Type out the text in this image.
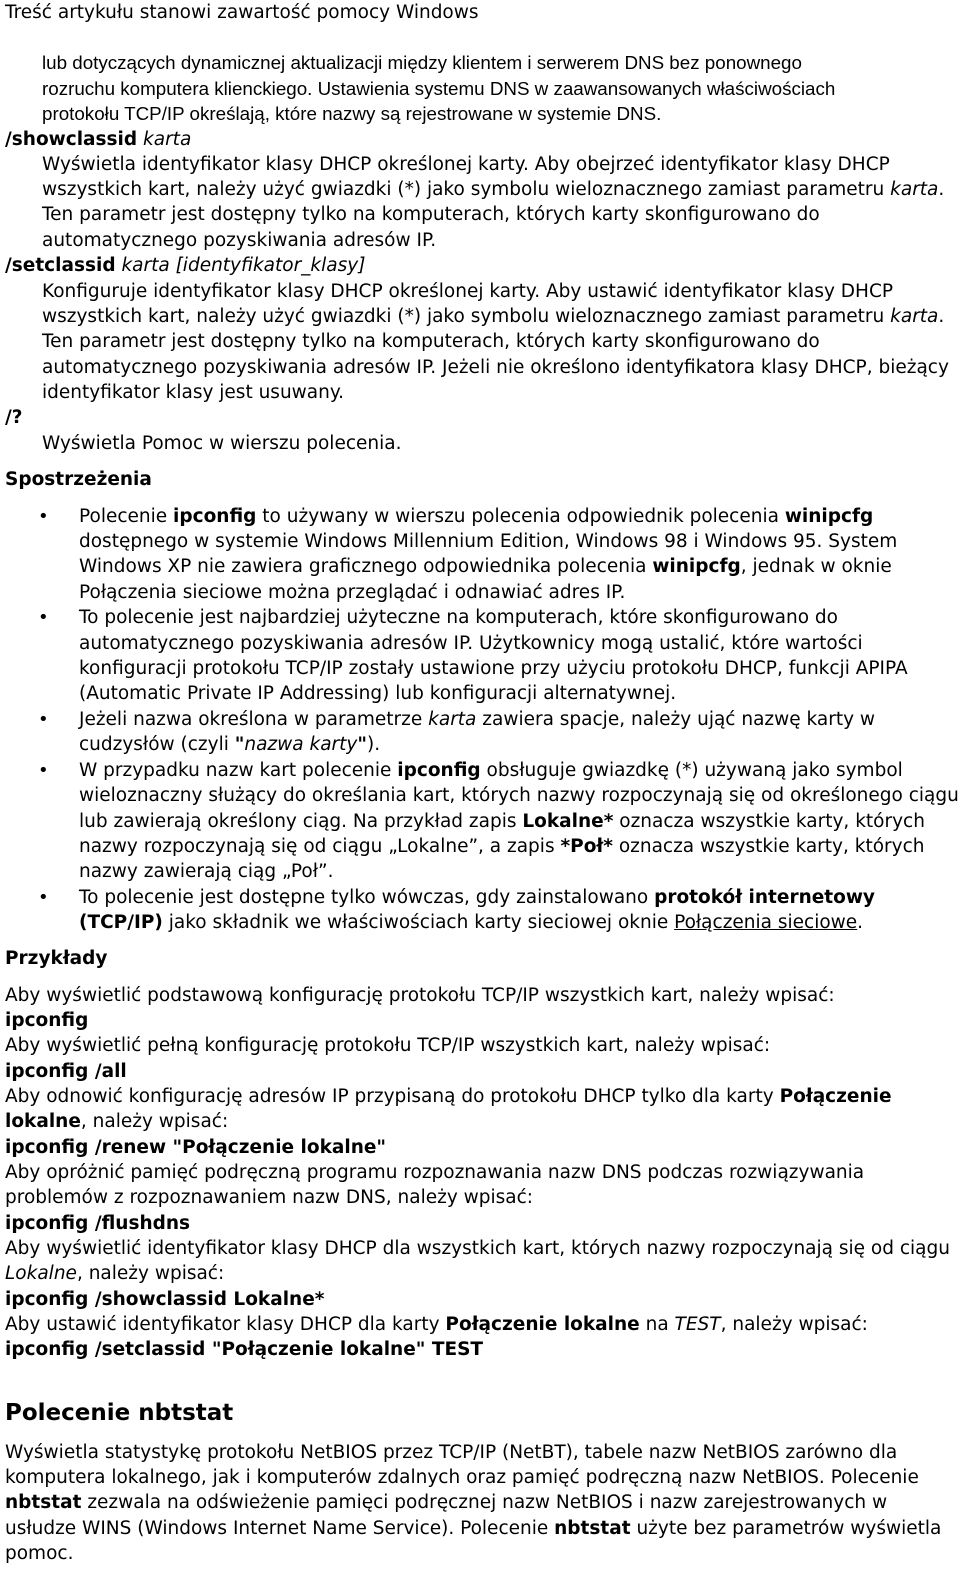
Treść artykułu stanowi zawartość pomocy Windows
lub dotyczących dynamicznej aktualizacji między klientem i serwerem DNS bez ponownego
rozruchu komputera klienckiego. Ustawienia systemu DNS w zaawansowanych właściwościach
protokołu TCP/IP określają, które nazwy są rejestrowane w systemie DNS.
/showclassid karta
Wyświetla identyfikator klasy DHCP określonej karty. Aby obejrzeć identyfikator klasy DHCP
wszystkich kart, należy użyć gwiazdki (*) jako symbolu wieloznacznego zamiast parametru karta.
Ten parametr jest dostępny tylko na komputerach, których karty skonfigurowano do
automatycznego pozyskiwania adresów IP.
/setclassid karta [identyfikator_klasy]
Konfiguruje identyfikator klasy DHCP określonej karty. Aby ustawić identyfikator klasy DHCP
wszystkich kart, należy użyć gwiazdki (*) jako symbolu wieloznacznego zamiast parametru karta.
Ten parametr jest dostępny tylko na komputerach, których karty skonfigurowano do
automatycznego pozyskiwania adresów IP. Jeżeli nie określono identyfikatora klasy DHCP, bieżący
identyfikator klasy jest usuwany.
/?
Wyświetla Pomoc w wierszu polecenia.
Spostrzeżenia
• Polecenie ipconfig to używany w wierszu polecenia odpowiednik polecenia winipcfg
dostępnego w systemie Windows Millennium Edition, Windows 98 i Windows 95. System
Windows XP nie zawiera graficznego odpowiednika polecenia winipcfg, jednak w oknie
Połączenia sieciowe można przeglądać i odnawiać adres IP.
• To polecenie jest najbardziej użyteczne na komputerach, które skonfigurowano do
automatycznego pozyskiwania adresów IP. Użytkownicy mogą ustalić, które wartości
konfiguracji protokołu TCP/IP zostały ustawione przy użyciu protokołu DHCP, funkcji APIPA
(Automatic Private IP Addressing) lub konfiguracji alternatywnej.
• Jeżeli nazwa określona w parametrze karta zawiera spacje, należy ująć nazwę karty w
cudzysłów (czyli "nazwa karty").
• W przypadku nazw kart polecenie ipconfig obsługuje gwiazdkę (*) używaną jako symbol
wieloznaczny służący do określania kart, których nazwy rozpoczynają się od określonego ciągu
lub zawierają określony ciąg. Na przykład zapis Lokalne* oznacza wszystkie karty, których
nazwy rozpoczynają się od ciągu „Lokalne”, a zapis *Poł* oznacza wszystkie karty, których
nazwy zawierają ciąg „Poł”.
• To polecenie jest dostępne tylko wówczas, gdy zainstalowano protokół internetowy
(TCP/IP) jako składnik we właściwościach karty sieciowej oknie Połączenia sieciowe.
Przykłady
Aby wyświetlić podstawową konfigurację protokołu TCP/IP wszystkich kart, należy wpisać:
ipconfig
Aby wyświetlić pełną konfigurację protokołu TCP/IP wszystkich kart, należy wpisać:
ipconfig /all
Aby odnowić konfigurację adresów IP przypisaną do protokołu DHCP tylko dla karty Połączenie
lokalne, należy wpisać:
ipconfig /renew "Połączenie lokalne"
Aby opróżnić pamięć podręczną programu rozpoznawania nazw DNS podczas rozwiązywania
problemów z rozpoznawaniem nazw DNS, należy wpisać:
ipconfig /flushdns
Aby wyświetlić identyfikator klasy DHCP dla wszystkich kart, których nazwy rozpoczynają się od ciągu
Lokalne, należy wpisać:
ipconfig /showclassid Lokalne*
Aby ustawić identyfikator klasy DHCP dla karty Połączenie lokalne na TEST, należy wpisać:
ipconfig /setclassid "Połączenie lokalne" TEST
Polecenie nbtstat
Wyświetla statystykę protokołu NetBIOS przez TCP/IP (NetBT), tabele nazw NetBIOS zarówno dla
komputera lokalnego, jak i komputerów zdalnych oraz pamięć podręczną nazw NetBIOS. Polecenie
nbtstat zezwala na odświeżenie pamięci podręcznej nazw NetBIOS i nazw zarejestrowanych w
usłudze WINS (Windows Internet Name Service). Polecenie nbtstat użyte bez parametrów wyświetla
pomoc.
